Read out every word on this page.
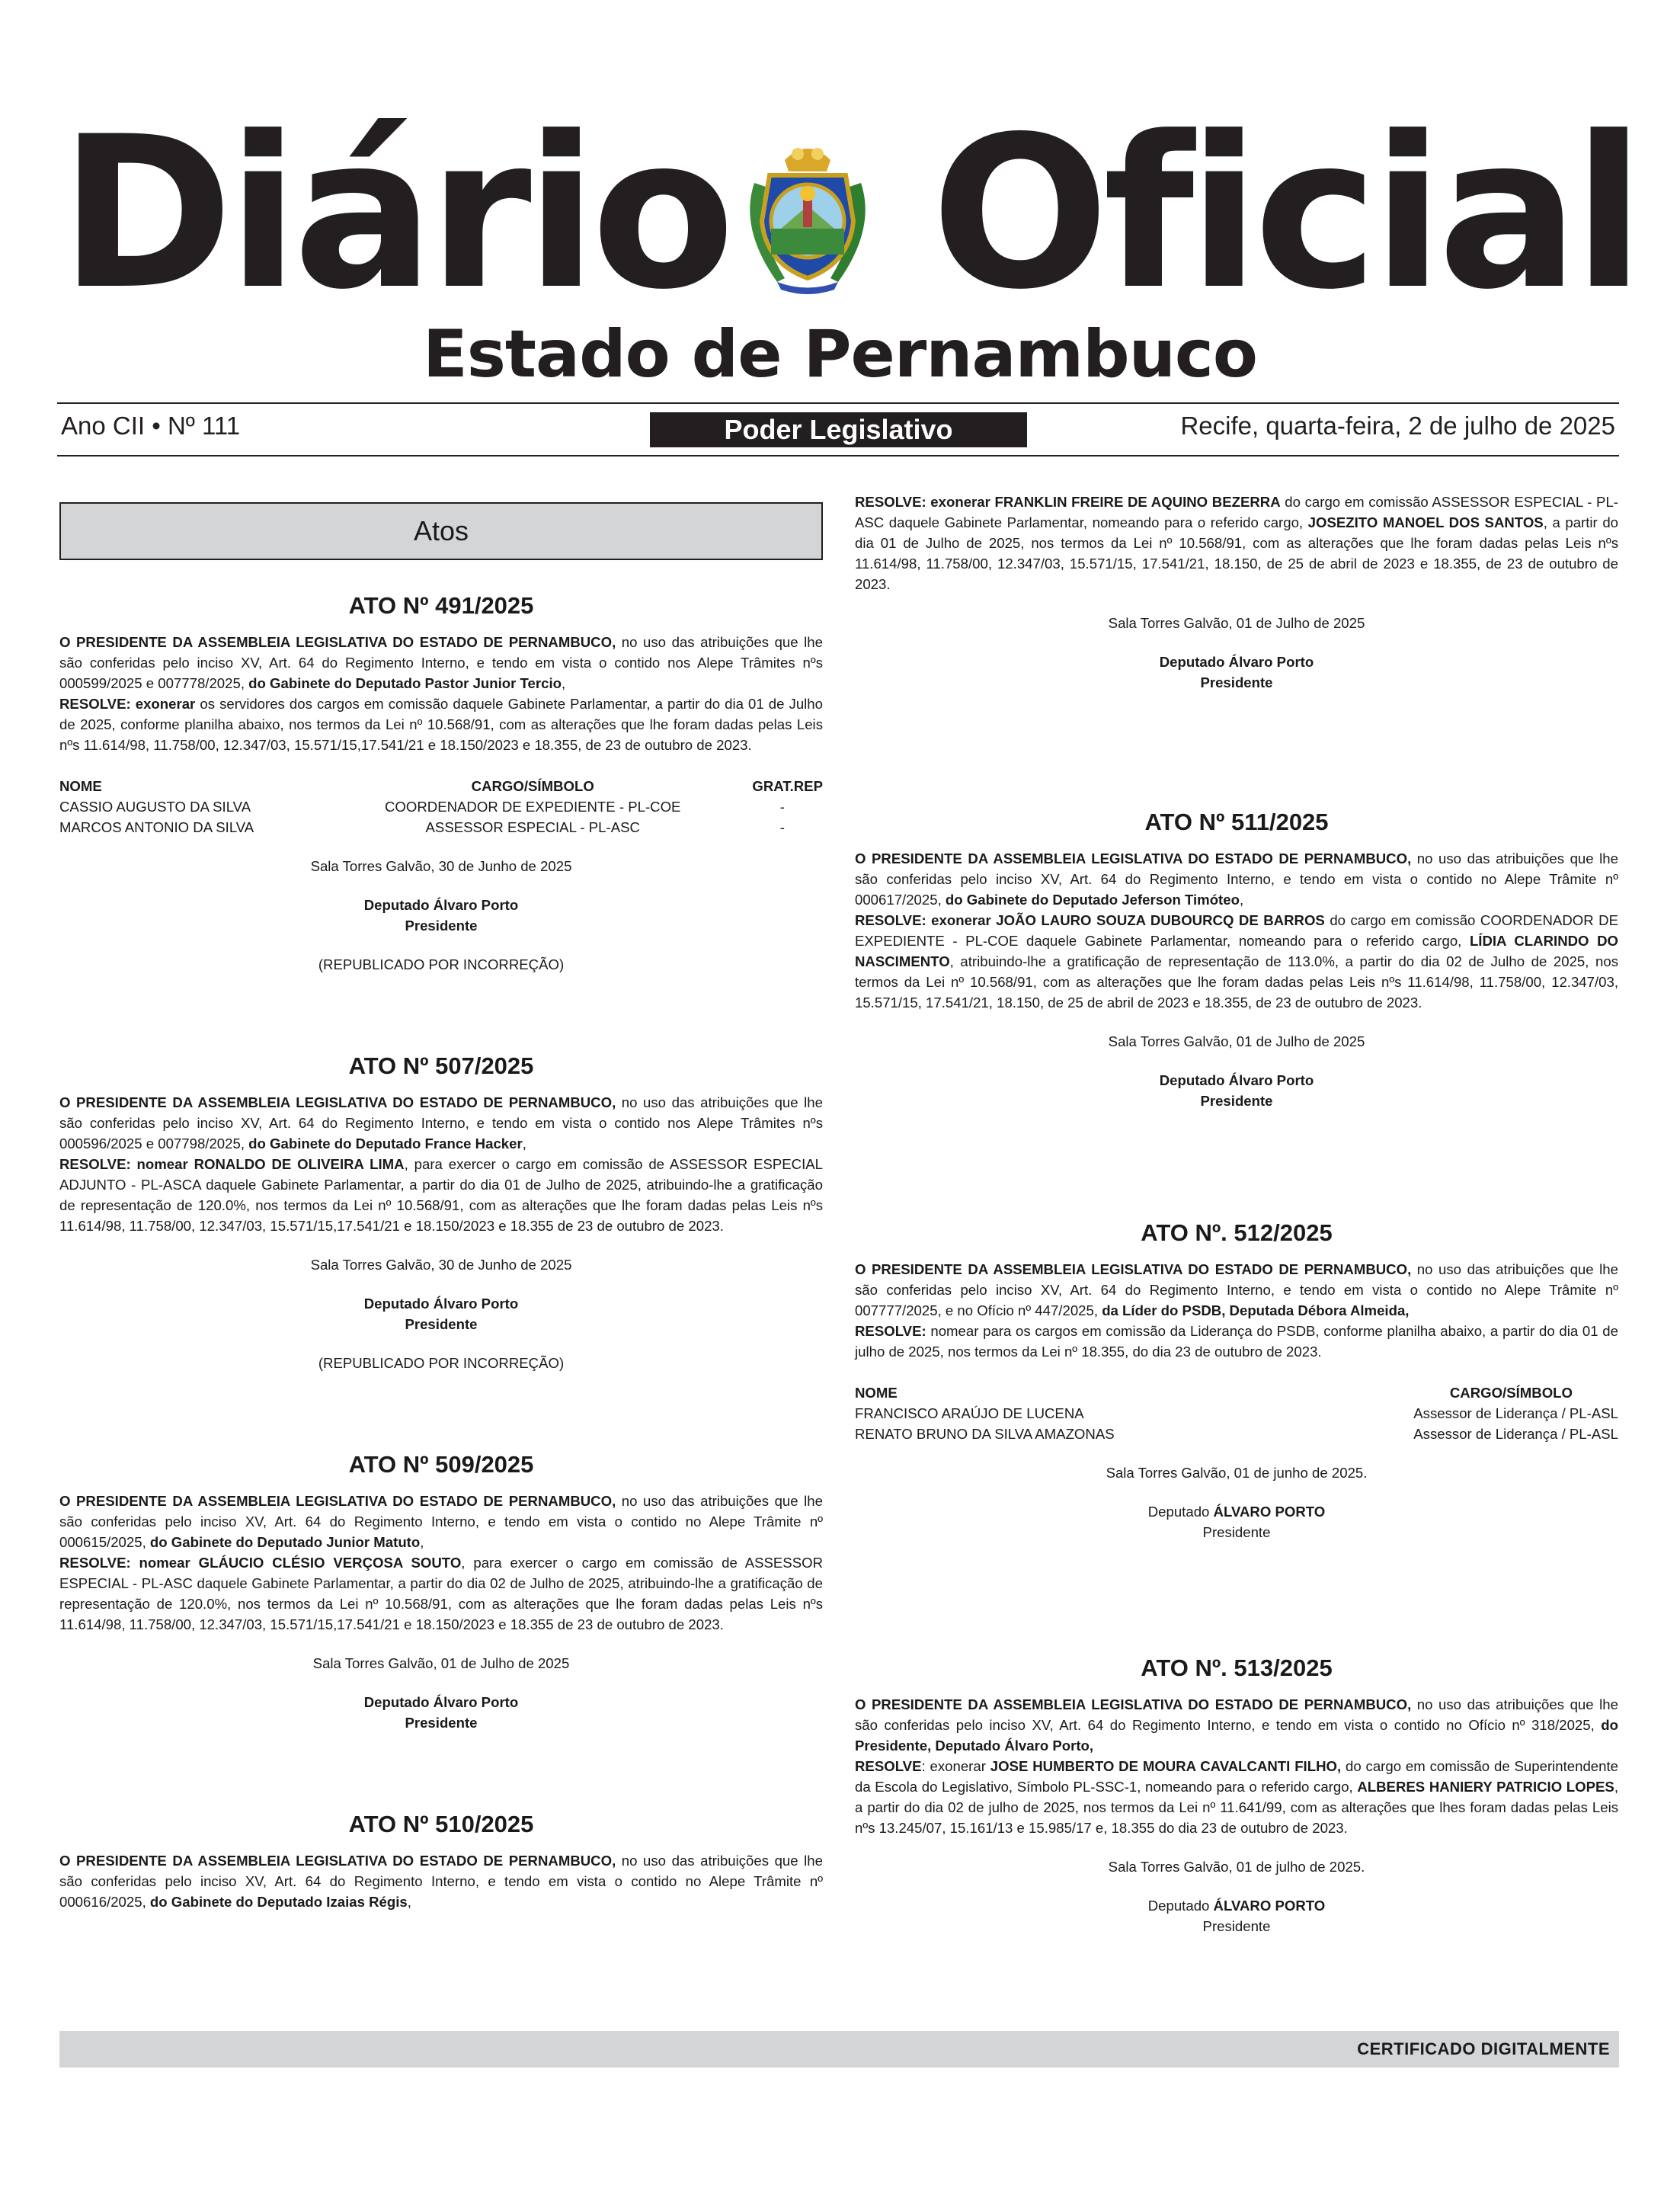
Diário Oficial
Estado de Pernambuco
Ano CII • Nº 111	Recife, quarta-feira, 2 de julho de 2025
Poder Legislativo
Atos
ATO Nº 491/2025

O PRESIDENTE DA ASSEMBLEIA LEGISLATIVA DO ESTADO DE PERNAMBUCO, no uso das atribuições que lhe são conferidas pelo inciso XV, Art. 64 do Regimento Interno, e tendo em vista o contido nos Alepe Trâmites nºs 000599/2025 e 007778/2025, do Gabinete do Deputado Pastor Junior Tercio,

RESOLVE: exonerar os servidores dos cargos em comissão daquele Gabinete Parlamentar, a partir do dia 01 de Julho de 2025, conforme planilha abaixo, nos termos da Lei nº 10.568/91, com as alterações que lhe foram dadas pelas Leis nºs 11.614/98, 11.758/00, 12.347/03, 15.571/15,17.541/21 e 18.150/2023 e 18.355, de 23 de outubro de 2023.

NOME	CARGO/SÍMBOLO	GRAT.REP
CASSIO AUGUSTO DA SILVA	COORDENADOR DE EXPEDIENTE - PL-COE	-
MARCOS ANTONIO DA SILVA	ASSESSOR ESPECIAL - PL-ASC	-

Sala Torres Galvão, 30 de Junho de 2025

Deputado Álvaro Porto

Presidente

(REPUBLICADO POR INCORREÇÃO)

ATO Nº 507/2025

O PRESIDENTE DA ASSEMBLEIA LEGISLATIVA DO ESTADO DE PERNAMBUCO, no uso das atribuições que lhe são conferidas pelo inciso XV, Art. 64 do Regimento Interno, e tendo em vista o contido nos Alepe Trâmites nºs 000596/2025 e 007798/2025, do Gabinete do Deputado France Hacker,

RESOLVE: nomear RONALDO DE OLIVEIRA LIMA, para exercer o cargo em comissão de ASSESSOR ESPECIAL ADJUNTO - PL-ASCA daquele Gabinete Parlamentar, a partir do dia 01 de Julho de 2025, atribuindo-lhe a gratificação de representação de 120.0%, nos termos da Lei nº 10.568/91, com as alterações que lhe foram dadas pelas Leis nºs 11.614/98, 11.758/00, 12.347/03, 15.571/15,17.541/21 e 18.150/2023 e 18.355 de 23 de outubro de 2023.

Sala Torres Galvão, 30 de Junho de 2025

Deputado Álvaro Porto

Presidente

(REPUBLICADO POR INCORREÇÃO)

ATO Nº 509/2025

O PRESIDENTE DA ASSEMBLEIA LEGISLATIVA DO ESTADO DE PERNAMBUCO, no uso das atribuições que lhe são conferidas pelo inciso XV, Art. 64 do Regimento Interno, e tendo em vista o contido no Alepe Trâmite nº 000615/2025, do Gabinete do Deputado Junior Matuto,

RESOLVE: nomear GLÁUCIO CLÉSIO VERÇOSA SOUTO, para exercer o cargo em comissão de ASSESSOR ESPECIAL - PL-ASC daquele Gabinete Parlamentar, a partir do dia 02 de Julho de 2025, atribuindo-lhe a gratificação de representação de 120.0%, nos termos da Lei nº 10.568/91, com as alterações que lhe foram dadas pelas Leis nºs 11.614/98, 11.758/00, 12.347/03, 15.571/15,17.541/21 e 18.150/2023 e 18.355 de 23 de outubro de 2023.

Sala Torres Galvão, 01 de Julho de 2025

Deputado Álvaro Porto

Presidente

ATO Nº 510/2025

O PRESIDENTE DA ASSEMBLEIA LEGISLATIVA DO ESTADO DE PERNAMBUCO, no uso das atribuições que lhe são conferidas pelo inciso XV, Art. 64 do Regimento Interno, e tendo em vista o contido no Alepe Trâmite nº 000616/2025, do Gabinete do Deputado Izaias Régis,

RESOLVE: exonerar FRANKLIN FREIRE DE AQUINO BEZERRA do cargo em comissão ASSESSOR ESPECIAL - PL-ASC daquele Gabinete Parlamentar, nomeando para o referido cargo, JOSEZITO MANOEL DOS SANTOS, a partir do dia 01 de Julho de 2025, nos termos da Lei nº 10.568/91, com as alterações que lhe foram dadas pelas Leis nºs 11.614/98, 11.758/00, 12.347/03, 15.571/15, 17.541/21, 18.150, de 25 de abril de 2023 e 18.355, de 23 de outubro de 2023.

Sala Torres Galvão, 01 de Julho de 2025

Deputado Álvaro Porto

Presidente

ATO Nº 511/2025

O PRESIDENTE DA ASSEMBLEIA LEGISLATIVA DO ESTADO DE PERNAMBUCO, no uso das atribuições que lhe são conferidas pelo inciso XV, Art. 64 do Regimento Interno, e tendo em vista o contido no Alepe Trâmite nº 000617/2025, do Gabinete do Deputado Jeferson Timóteo,

RESOLVE: exonerar JOÃO LAURO SOUZA DUBOURCQ DE BARROS do cargo em comissão COORDENADOR DE EXPEDIENTE - PL-COE daquele Gabinete Parlamentar, nomeando para o referido cargo, LÍDIA CLARINDO DO NASCIMENTO, atribuindo-lhe a gratificação de representação de 113.0%, a partir do dia 02 de Julho de 2025, nos termos da Lei nº 10.568/91, com as alterações que lhe foram dadas pelas Leis nºs 11.614/98, 11.758/00, 12.347/03, 15.571/15, 17.541/21, 18.150, de 25 de abril de 2023 e 18.355, de 23 de outubro de 2023.

Sala Torres Galvão, 01 de Julho de 2025

Deputado Álvaro Porto

Presidente

ATO Nº. 512/2025

O PRESIDENTE DA ASSEMBLEIA LEGISLATIVA DO ESTADO DE PERNAMBUCO, no uso das atribuições que lhe são conferidas pelo inciso XV, Art. 64 do Regimento Interno, e tendo em vista o contido no Alepe Trâmite nº 007777/2025, e no Ofício nº 447/2025, da Líder do PSDB, Deputada Débora Almeida,

RESOLVE: nomear para os cargos em comissão da Liderança do PSDB, conforme planilha abaixo, a partir do dia 01 de julho de 2025, nos termos da Lei nº 18.355, do dia 23 de outubro de 2023.

NOME	CARGO/SÍMBOLO
FRANCISCO ARAÚJO DE LUCENA	Assessor de Liderança / PL-ASL
RENATO BRUNO DA SILVA AMAZONAS	Assessor de Liderança / PL-ASL

Sala Torres Galvão, 01 de junho de 2025.

Deputado ÁLVARO PORTO

Presidente

ATO Nº. 513/2025

O PRESIDENTE DA ASSEMBLEIA LEGISLATIVA DO ESTADO DE PERNAMBUCO, no uso das atribuições que lhe são conferidas pelo inciso XV, Art. 64 do Regimento Interno, e tendo em vista o contido no Ofício nº 318/2025, do Presidente, Deputado Álvaro Porto,

RESOLVE: exonerar JOSE HUMBERTO DE MOURA CAVALCANTI FILHO, do cargo em comissão de Superintendente da Escola do Legislativo, Símbolo PL-SSC-1, nomeando para o referido cargo, ALBERES HANIERY PATRICIO LOPES, a partir do dia 02 de julho de 2025, nos termos da Lei nº 11.641/99, com as alterações que lhes foram dadas pelas Leis nºs 13.245/07, 15.161/13 e 15.985/17 e, 18.355 do dia 23 de outubro de 2023.

Sala Torres Galvão, 01 de julho de 2025.

Deputado ÁLVARO PORTO

Presidente

CERTIFICADO DIGITALMENTE
